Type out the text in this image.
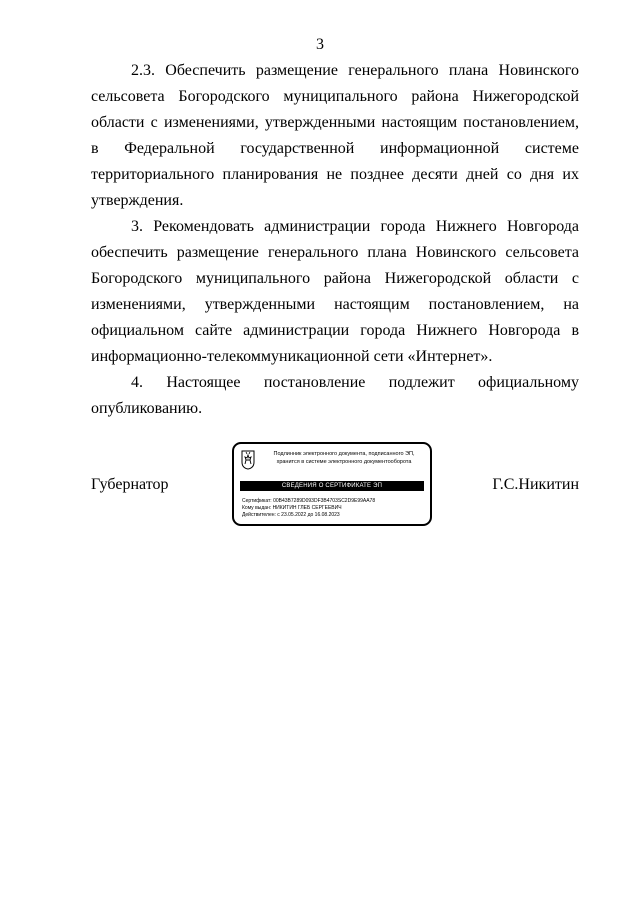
3

2.3. Обеспечить размещение генерального плана Новинского сельсовета Богородского муниципального района Нижегородской области с изменениями, утвержденными настоящим постановлением, в Федеральной государственной информационной системе территориального планирования не позднее десяти дней со дня их утверждения.

3. Рекомендовать администрации города Нижнего Новгорода обеспечить размещение генерального плана Новинского сельсовета Богородского муниципального района Нижегородской области с изменениями, утвержденными настоящим постановлением, на официальном сайте администрации города Нижнего Новгорода в информационно-телекоммуникационной сети «Интернет».

4. Настоящее постановление подлежит официальному опубликованию.

Губернатор	Г.С.Никитин
Подлинник электронного документа, подписанного ЭП,
хранится в системе электронного документооборота
СВЕДЕНИЯ О СЕРТИФИКАТЕ ЭП
Сертификат: 00B43B7289D093DF3B4703SC2D9E99AA78
Кому выдан: НИКИТИН ГЛЕБ СЕРГЕЕВИЧ
Действителен: с 23.05.2022 до 16.08.2023
